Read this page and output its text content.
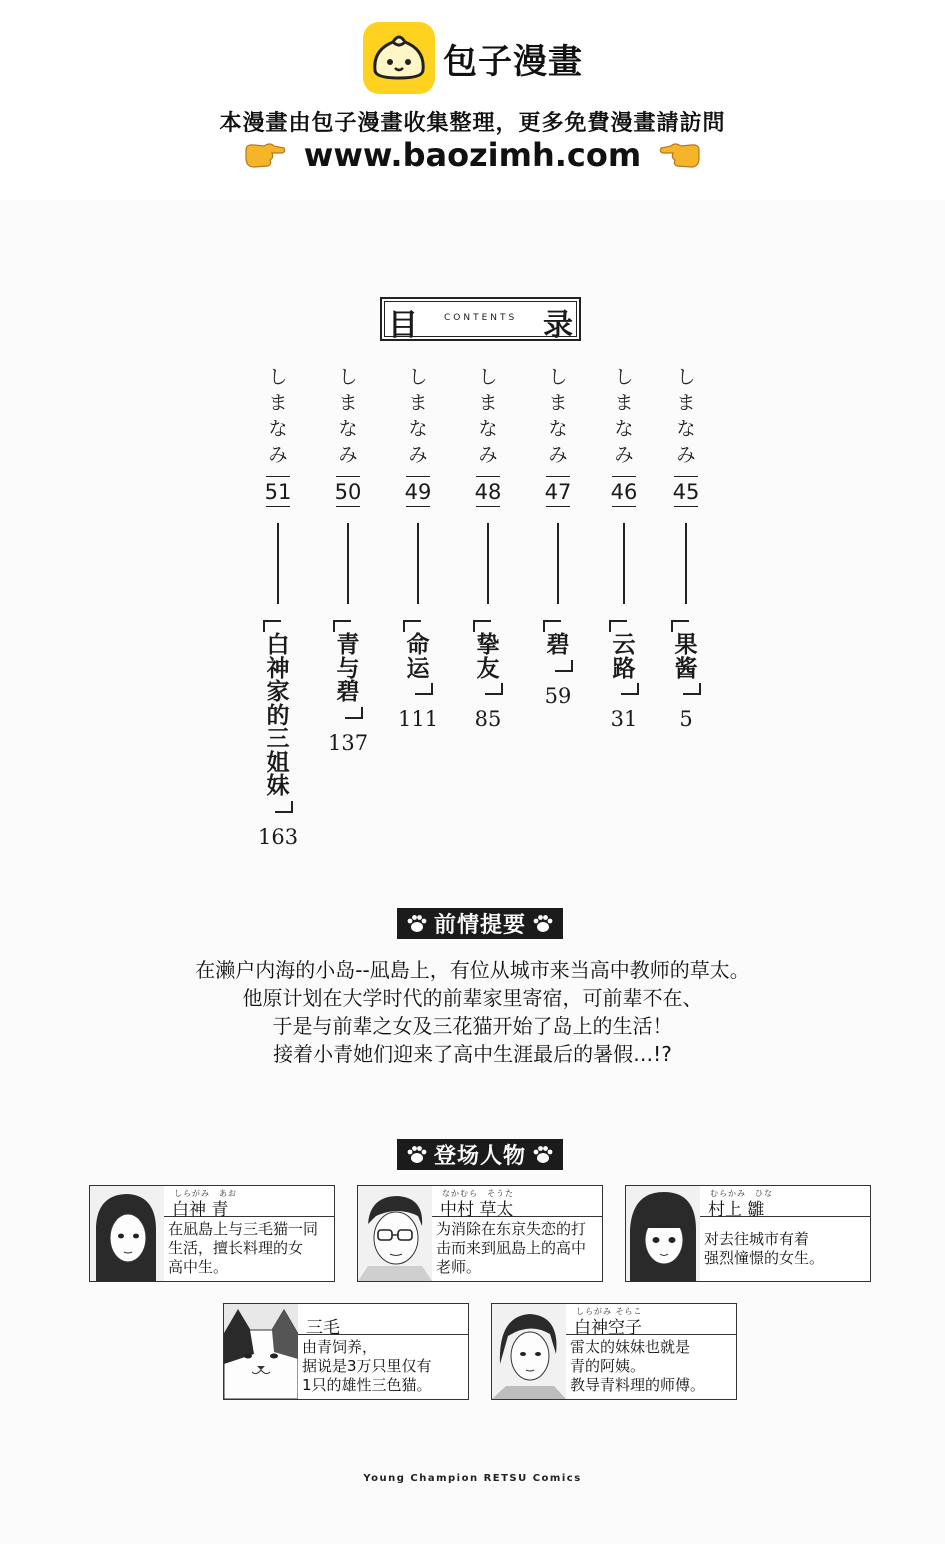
包子漫畫
本漫畫由包子漫畫收集整理，更多免費漫畫請訪問
www.baozimh.com
目	CONTENTS 录
し
ま
な
み
51
白
神
家
的
三
姐
妹
163
し
ま
な
み
50
青
与
碧
137
し
ま
な
み
49
命
运
111
し
ま
な
み
48
挚
友
85
し
ま
な
み
47
碧
59
し
ま
な
み
46
云
路
31
し
ま
な
み
45
果
酱
5
前情提要
在濑户内海的小岛--凪島上，有位从城市来当高中教师的草太。
他原计划在大学时代的前辈家里寄宿，可前辈不在、
于是与前辈之女及三花猫开始了岛上的生活！
接着小青她们迎来了高中生涯最后的暑假…!?
登场人物
しらがみ　あお
白神 青
在凪島上与三毛猫一同
生活，擅长料理的女
高中生。
なかむら　そうた
中村 草太
为消除在东京失恋的打
击而来到凪島上的高中
老师。
むらかみ　ひな
村上 雛
对去往城市有着
强烈憧憬的女生。
三毛
由青饲养，
据说是3万只里仅有
1只的雄性三色猫。
しらがみ そらこ
白神空子
雷太的妹妹也就是
青的阿姨。
教导青料理的师傅。
Young Champion RETSU Comics
